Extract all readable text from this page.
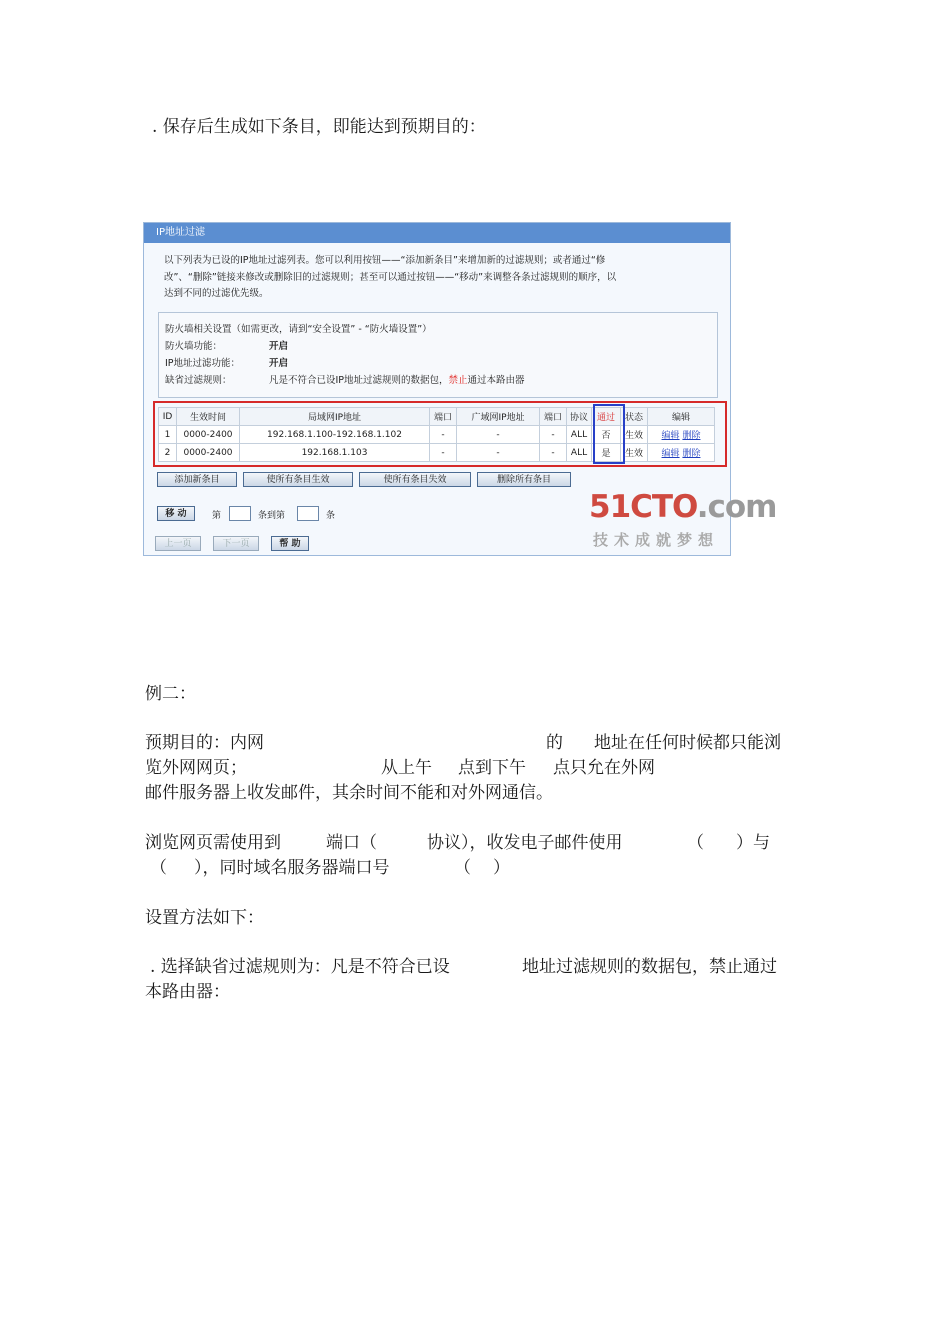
. 保存后生成如下条目，即能达到预期目的：
IP地址过滤
以下列表为已设的IP地址过滤列表。您可以利用按钮——“添加新条目”来增加新的过滤规则；或者通过“修
改”、“删除”链接来修改或删除旧的过滤规则；甚至可以通过按钮——“移动”来调整各条过滤规则的顺序，以
达到不同的过滤优先级。
防火墙相关设置（如需更改，请到“安全设置” - “防火墙设置”）
防火墙功能：	开启
IP地址过滤功能：	开启
缺省过滤规则：	凡是不符合已设IP地址过滤规则的数据包，禁止通过本路由器
ID	生效时间	局域网IP地址	端口	广域网IP地址	端口	协议	通过	状态	编辑
1	0000-2400	192.168.1.100-192.168.1.102	-	-	-	ALL	否	生效	编辑 删除
2	0000-2400	192.168.1.103	-	-	-	ALL	是	生效	编辑 删除
添加新条目	使所有条目生效	使所有条目失效	删除所有条目
移 动	第	条到第	条
上一页	下一页	帮 助
51CTO.com
技术成就梦想
例二：
预期目的：内网	的 地址在任何时候都只能浏
览外网网页；	从上午 点到下午 点只允在外网
邮件服务器上收发邮件，其余时间不能和对外网通信。
浏览网页需使用到	端口（	协议），收发电子邮件使用	（ ）与
（ ），同时域名服务器端口号	（ ）
设置方法如下：
. 选择缺省过滤规则为：凡是不符合已设	地址过滤规则的数据包，禁止通过
本路由器：
